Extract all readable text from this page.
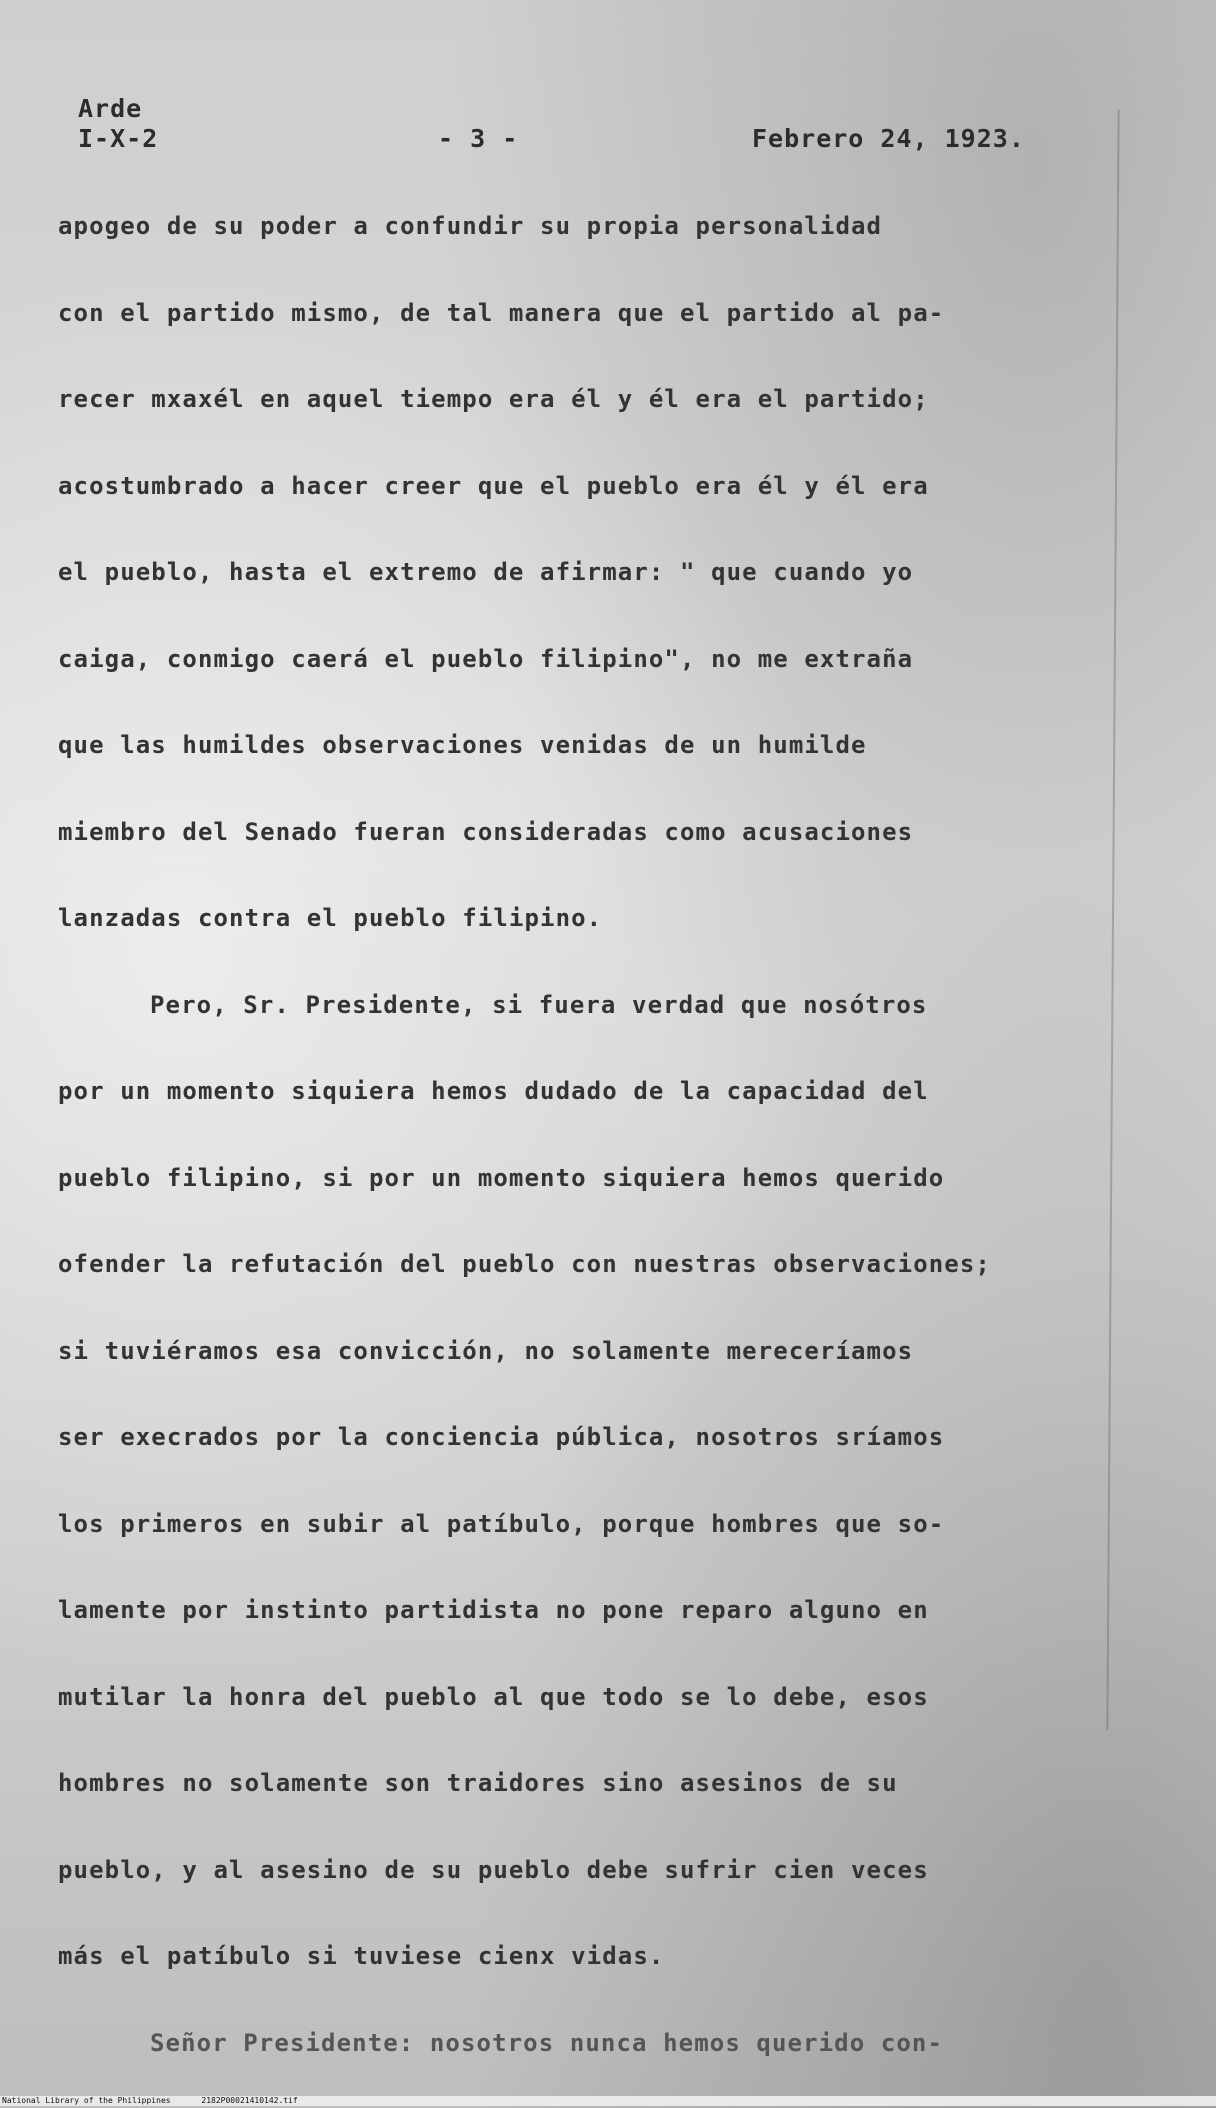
Arde
I-X-2	- 3 -	Febrero 24, 1923.
apogeo de su poder a confundir su propia personalidad
con el partido mismo, de tal manera que el partido al pa-
recer mxaxél en aquel tiempo era él y él era el partido;
acostumbrado a hacer creer que el pueblo era él y él era
el pueblo, hasta el extremo de afirmar: " que cuando yo
caiga, conmigo caerá el pueblo filipino", no me extraña
que las humildes observaciones venidas de un humilde
miembro del Senado fueran consideradas como acusaciones
lanzadas contra el pueblo filipino.
Pero, Sr. Presidente, si fuera verdad que nosótros
por un momento siquiera hemos dudado de la capacidad del
pueblo filipino, si por un momento siquiera hemos querido
ofender la refutación del pueblo con nuestras observaciones;
si tuviéramos esa convicción, no solamente mereceríamos
ser execrados por la conciencia pública, nosotros sríamos
los primeros en subir al patíbulo, porque hombres que so-
lamente por instinto partidista no pone reparo alguno en
mutilar la honra del pueblo al que todo se lo debe, esos
hombres no solamente son traidores sino asesinos de su
pueblo, y al asesino de su pueblo debe sufrir cien veces
más el patíbulo si tuviese cienx vidas.
Señor Presidente: nosotros nunca hemos querido con-
National Library of the Philippines	2182P00021410142.tif
